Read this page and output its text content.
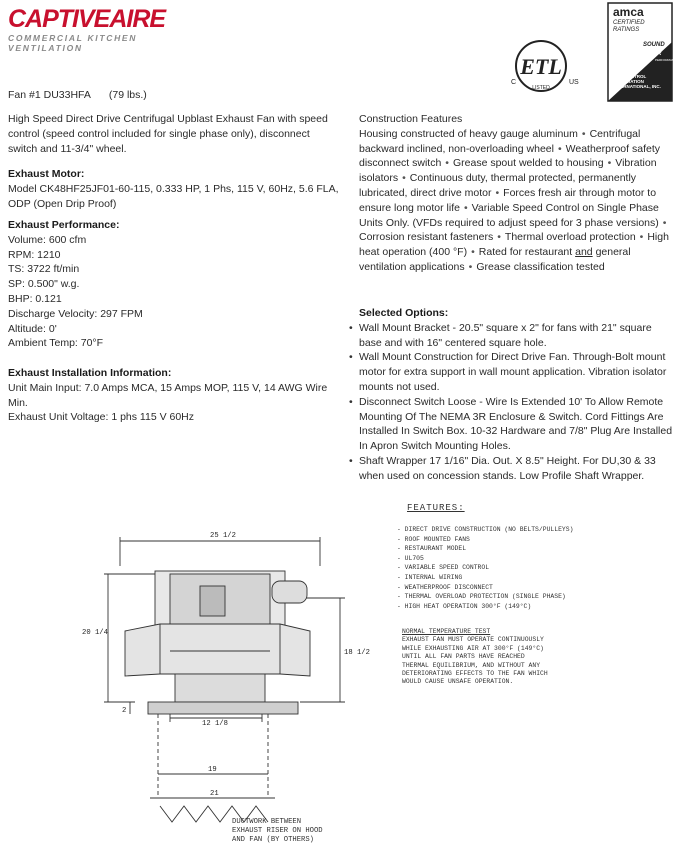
CAPTIVEAIRE
COMMERCIAL KITCHEN VENTILATION
ETL
C	US
LISTED
amca
CERTIFIED
RATINGS
SOUND
AIR
PERFORMANCE
AIR
MOVEMENT
AND CONTROL
ASSOCIATION
INTERNATIONAL, INC.
Fan #1 DU33HFA (79 lbs.)
High Speed Direct Drive Centrifugal Upblast Exhaust Fan with speed control (speed control included for single phase only), disconnect switch and 11-3/4" wheel.
Exhaust Motor:
Model CK48HF25JF01-60-115, 0.333 HP, 1 Phs, 115 V, 60Hz, 5.6 FLA, ODP (Open Drip Proof)
Exhaust Performance:
Volume: 600 cfm
RPM: 1210
TS: 3722 ft/min
SP: 0.500" w.g.
BHP: 0.121
Discharge Velocity: 297 FPM
Altitude: 0'
Ambient Temp: 70°F
Exhaust Installation Information:
Unit Main Input: 7.0 Amps MCA, 15 Amps MOP, 115 V, 14 AWG Wire Min.
Exhaust Unit Voltage: 1 phs 115 V 60Hz
Construction Features
Housing constructed of heavy gauge aluminum • Centrifugal backward inclined, non-overloading wheel • Weatherproof safety disconnect switch • Grease spout welded to housing • Vibration isolators • Continuous duty, thermal protected, permanently lubricated, direct drive motor • Forces fresh air through motor to ensure long motor life • Variable Speed Control on Single Phase Units Only. (VFDs required to adjust speed for 3 phase versions) •Corrosion resistant fasteners • Thermal overload protection • High heat operation (400 °F) • Rated for restaurant and general ventilation applications • Grease classification tested
Selected Options:
• Wall Mount Bracket - 20.5" square x 2" for fans with 21" square base and with 16" centered square hole.
• Wall Mount Construction for Direct Drive Fan. Through-Bolt mount motor for extra support in wall mount application. Vibration isolator mounts not used.
• Disconnect Switch Loose - Wire Is Extended 10' To Allow Remote Mounting Of The NEMA 3R Enclosure & Switch. Cord Fittings Are Installed In Switch Box. 10-32 Hardware and 7/8" Plug Are Installed In Apron Switch Mounting Holes.
• Shaft Wrapper 17 1/16" Dia. Out. X 8.5" Height. For DU,30 & 33 when used on concession stands. Low Profile Shaft Wrapper.
25 1/2
20 1/4
18 1/2
2
12 1/8
19
21
FEATURES:
- DIRECT DRIVE CONSTRUCTION (NO BELTS/PULLEYS)
- ROOF MOUNTED FANS
- RESTAURANT MODEL
- UL705
- VARIABLE SPEED CONTROL
- INTERNAL WIRING
- WEATHERPROOF DISCONNECT
- THERMAL OVERLOAD PROTECTION (SINGLE PHASE)
- HIGH HEAT OPERATION 300°F (149°C)
NORMAL TEMPERATURE TEST
EXHAUST FAN MUST OPERATE CONTINUOUSLY
WHILE EXHAUSTING AIR AT 300°F (149°C)
UNTIL ALL FAN PARTS HAVE REACHED
THERMAL EQUILIBRIUM, AND WITHOUT ANY
DETERIORATING EFFECTS TO THE FAN WHICH
WOULD CAUSE UNSAFE OPERATION.
DUCTWORK BETWEEN
EXHAUST RISER ON HOOD
AND FAN (BY OTHERS)
